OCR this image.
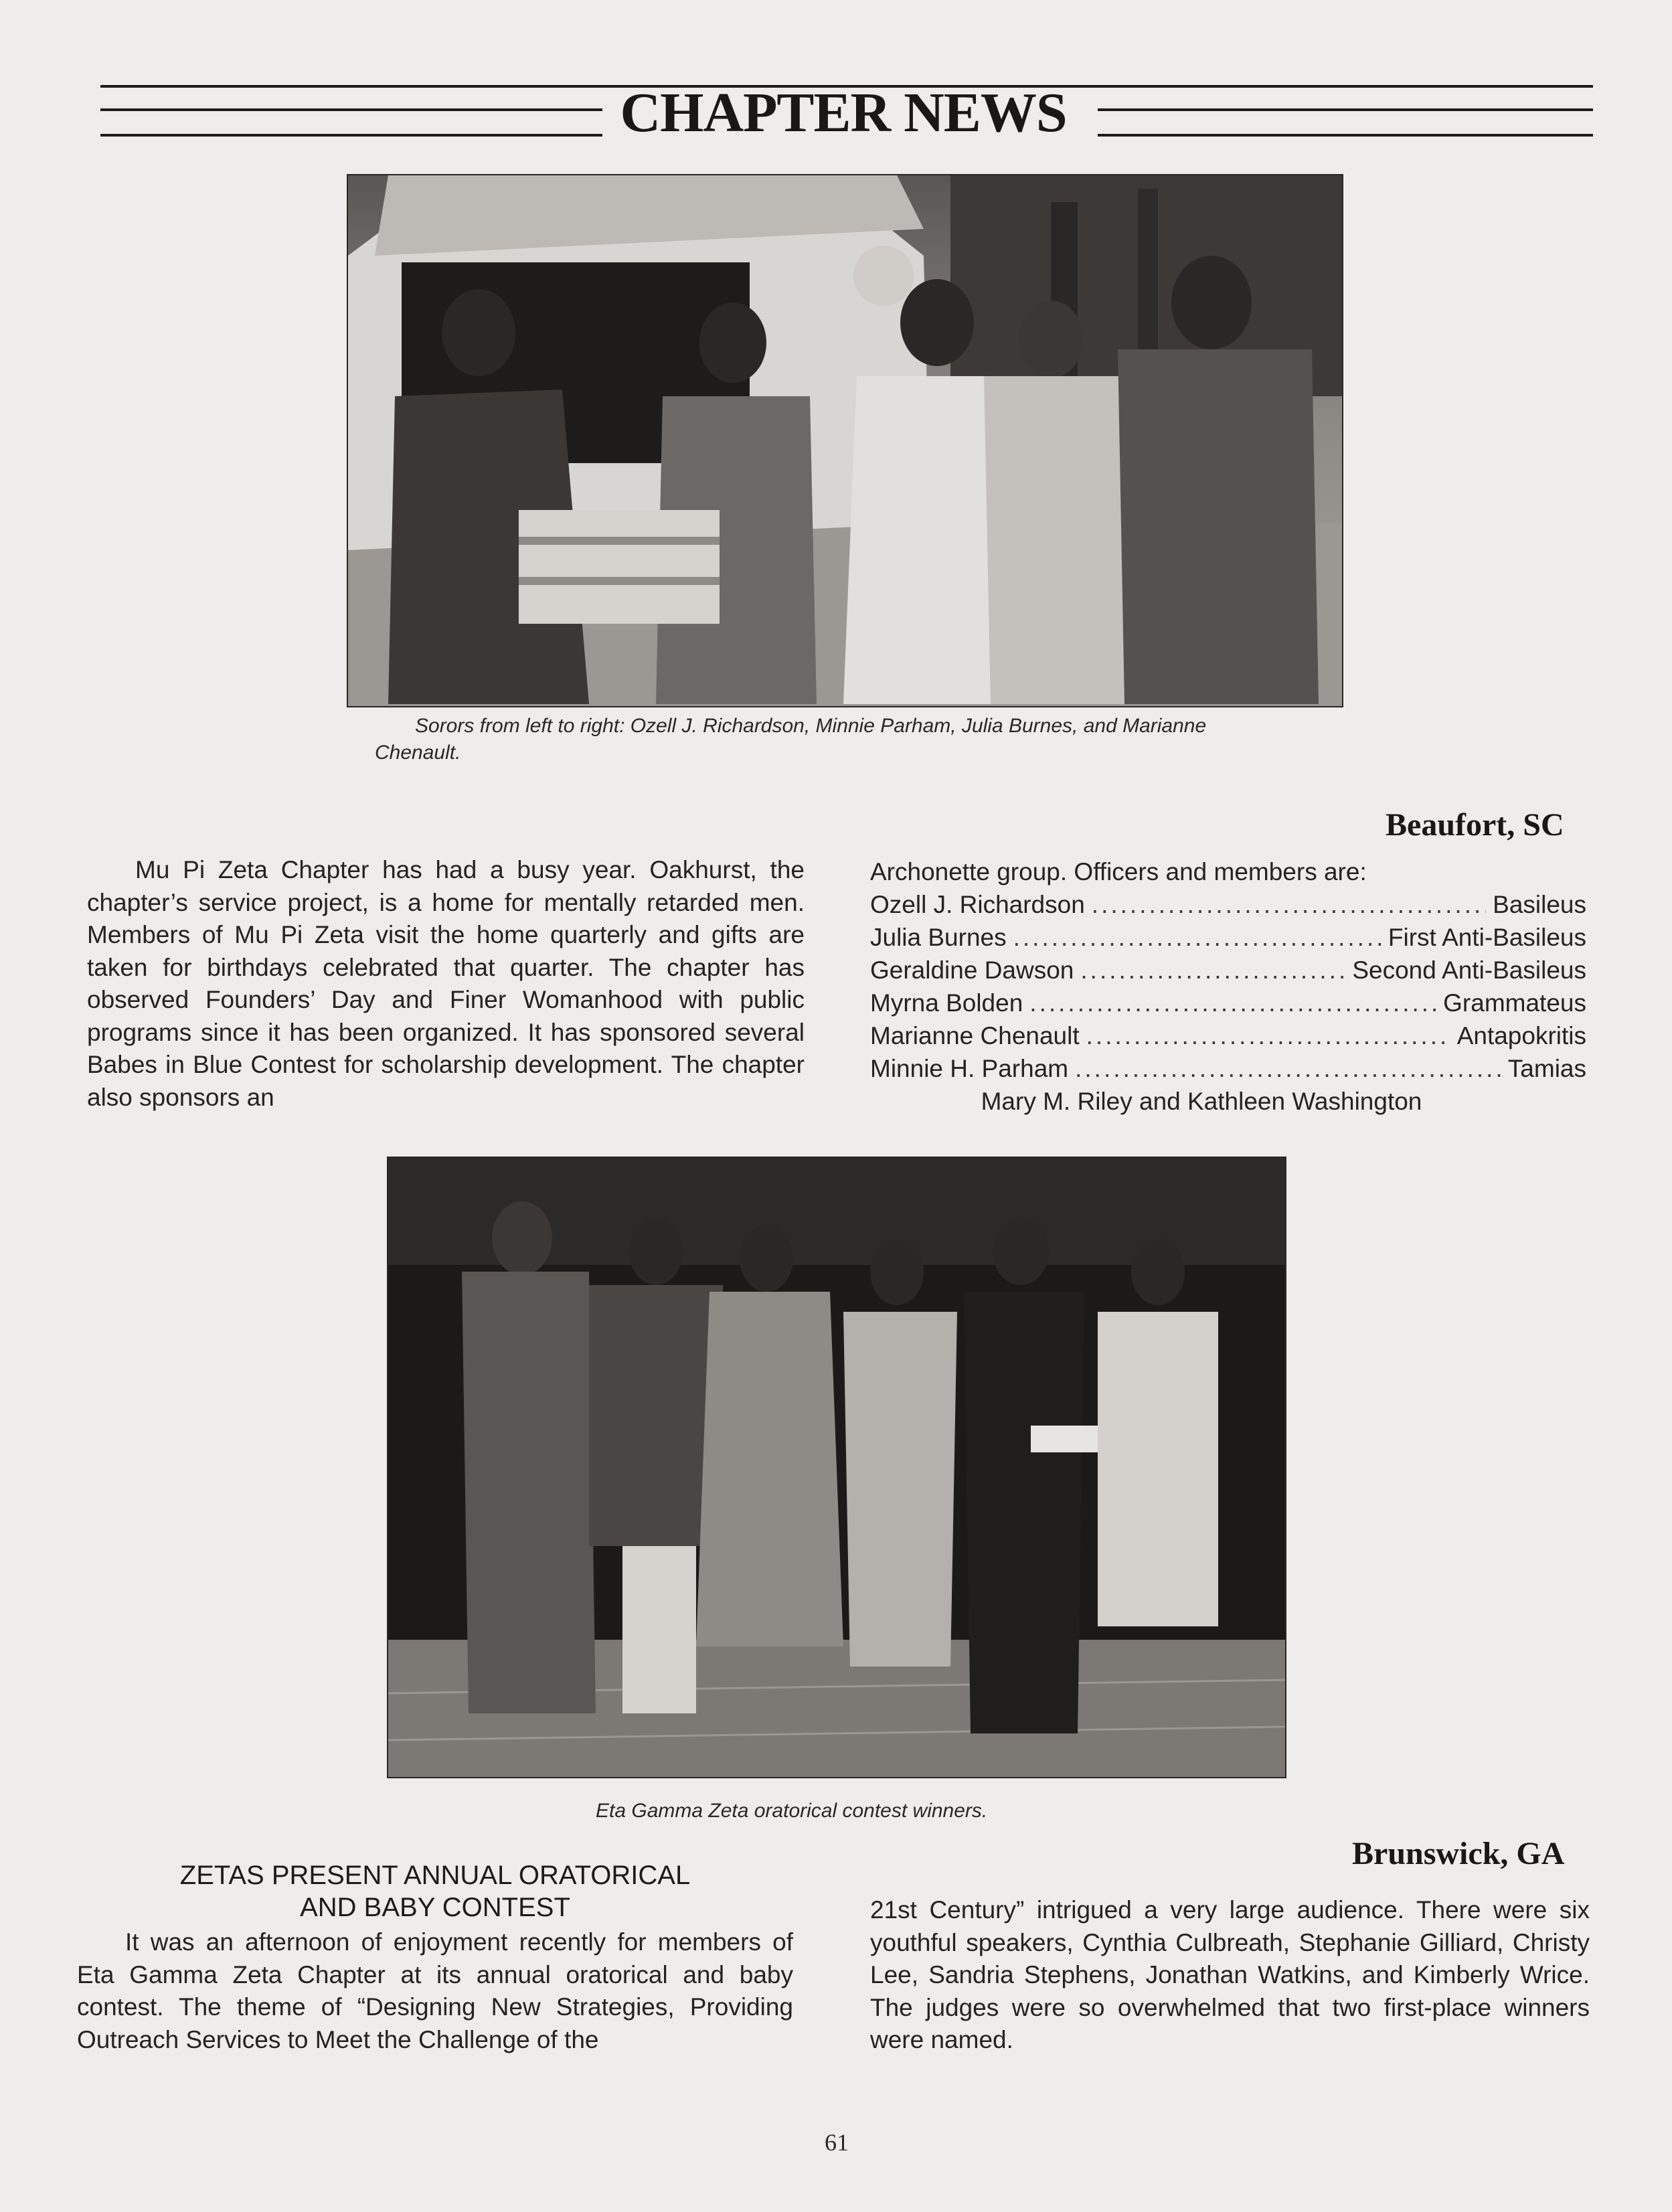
CHAPTER NEWS
Sorors from left to right: Ozell J. Richardson, Minnie Parham, Julia Burnes, and Marianne
Chenault.
Beaufort, SC
Mu Pi Zeta Chapter has had a busy year. Oakhurst, the chapter’s service project, is a home for mentally retarded men. Members of Mu Pi Zeta visit the home quarterly and gifts are taken for birthdays celebrated that quarter. The chapter has observed Founders’ Day and Finer Womanhood with public programs since it has been organized. It has sponsored several Babes in Blue Contest for scholarship development. The chapter also sponsors an
Archonette group. Officers and members are:
Ozell J. Richardson .....	Basileus
Julia Burnes .....	First Anti-Basileus
Geraldine Dawson .....	Second Anti-Basileus
Myrna Bolden .....	Grammateus
Marianne Chenault .....	Antapokritis
Minnie H. Parham .....	Tamias
Mary M. Riley and Kathleen Washington
Eta Gamma Zeta oratorical contest winners.
Brunswick, GA
ZETAS PRESENT ANNUAL ORATORICAL
AND BABY CONTEST
It was an afternoon of enjoyment recently for members of Eta Gamma Zeta Chapter at its annual oratorical and baby contest. The theme of “Designing New Strategies, Providing Outreach Services to Meet the Challenge of the
21st Century” intrigued a very large audience. There were six youthful speakers, Cynthia Culbreath, Stephanie Gilliard, Christy Lee, Sandria Stephens, Jonathan Watkins, and Kimberly Wrice. The judges were so overwhelmed that two first-place winners were named.
61
